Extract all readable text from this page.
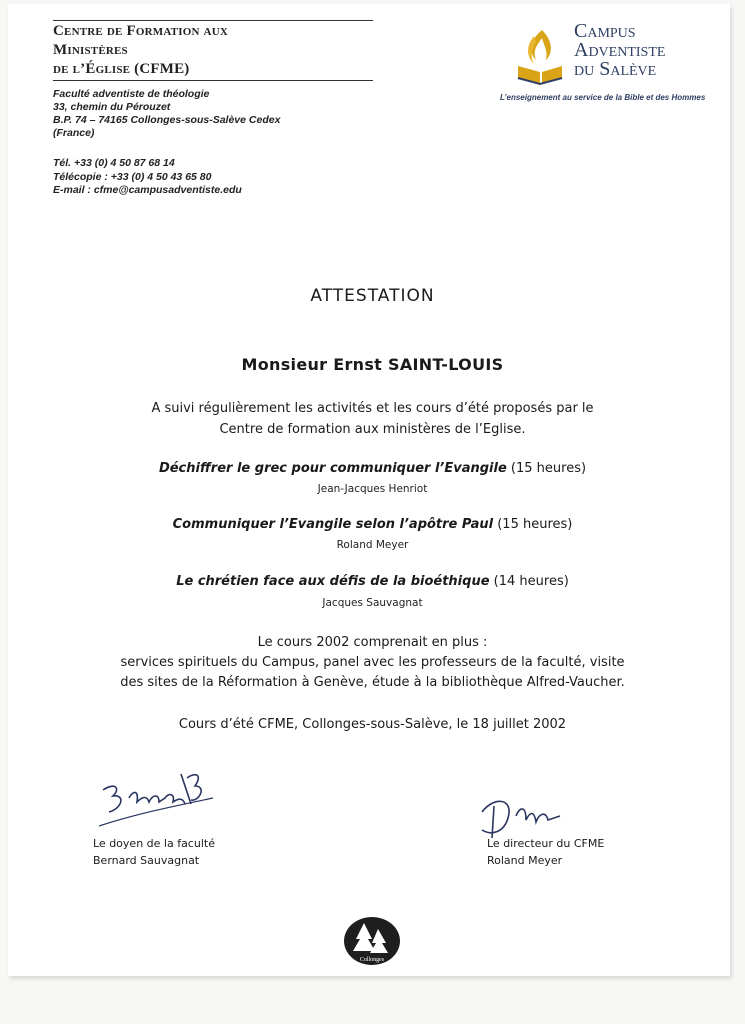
Centre de Formation aux
Ministères
de l’Église (CFME)
Faculté adventiste de théologie
33, chemin du Pérouzet
B.P. 74 – 74165 Collonges-sous-Salève Cedex
(France)
Tél. +33 (0) 4 50 87 68 14
Télécopie : +33 (0) 4 50 43 65 80
E-mail : cfme@campusadventiste.edu
Campus
Adventiste
du Salève
L’enseignement au service de la Bible et des Hommes
ATTESTATION
Monsieur Ernst SAINT-LOUIS
A suivi régulièrement les activités et les cours d’été proposés par le
Centre de formation aux ministères de l’Eglise.
Déchiffrer le grec pour communiquer l’Evangile (15 heures)
Jean-Jacques Henriot
Communiquer l’Evangile selon l’apôtre Paul (15 heures)
Roland Meyer
Le chrétien face aux défis de la bioéthique (14 heures)
Jacques Sauvagnat
Le cours 2002 comprenait en plus :
services spirituels du Campus, panel avec les professeurs de la faculté, visite
des sites de la Réformation à Genève, étude à la bibliothèque Alfred-Vaucher.
Cours d’été CFME, Collonges-sous-Salève, le 18 juillet 2002
Le doyen de la faculté
Bernard Sauvagnat
Le directeur du CFME
Roland Meyer
Collonges
